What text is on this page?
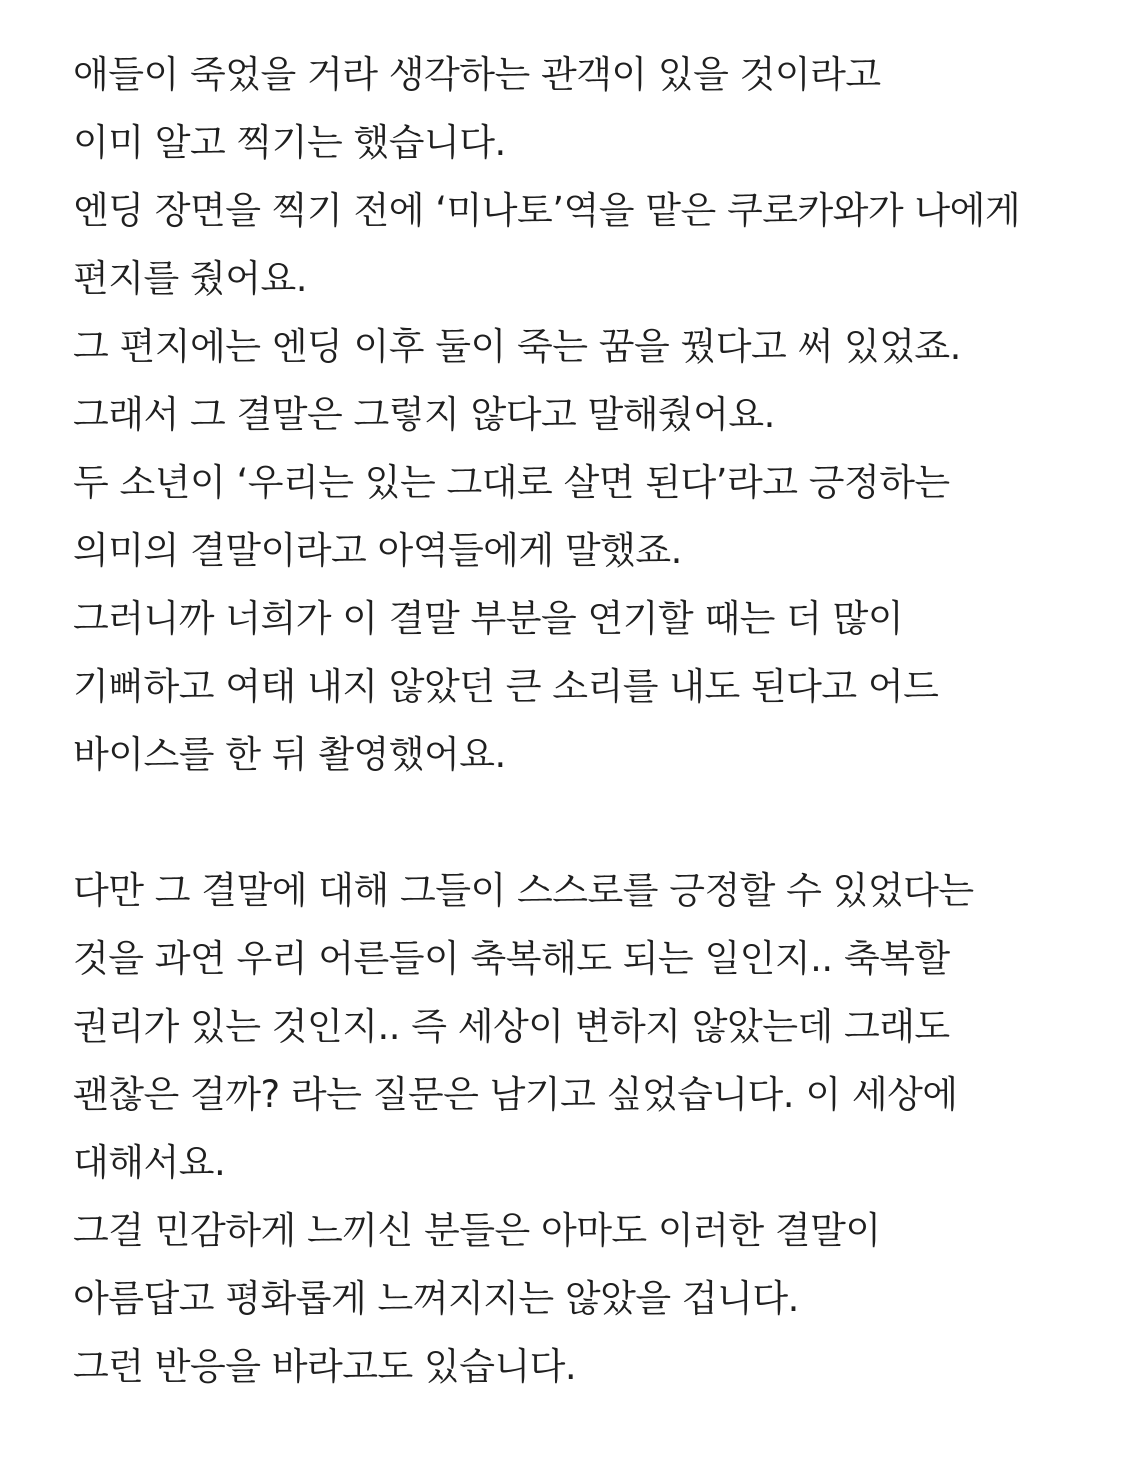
애들이 죽었을 거라 생각하는 관객이 있을 것이라고
이미 알고 찍기는 했습니다.
엔딩 장면을 찍기 전에 ‘미나토’역을 맡은 쿠로카와가 나에게
편지를 줬어요.
그 편지에는 엔딩 이후 둘이 죽는 꿈을 꿨다고 써 있었죠.
그래서 그 결말은 그렇지 않다고 말해줬어요.
두 소년이 ‘우리는 있는 그대로 살면 된다’라고 긍정하는
의미의 결말이라고 아역들에게 말했죠.
그러니까 너희가 이 결말 부분을 연기할 때는 더 많이
기뻐하고 여태 내지 않았던 큰 소리를 내도 된다고 어드
바이스를 한 뒤 촬영했어요.
다만 그 결말에 대해 그들이 스스로를 긍정할 수 있었다는
것을 과연 우리 어른들이 축복해도 되는 일인지.. 축복할
권리가 있는 것인지.. 즉 세상이 변하지 않았는데 그래도
괜찮은 걸까? 라는 질문은 남기고 싶었습니다. 이 세상에
대해서요.
그걸 민감하게 느끼신 분들은 아마도 이러한 결말이
아름답고 평화롭게 느껴지지는 않았을 겁니다.
그런 반응을 바라고도 있습니다.
